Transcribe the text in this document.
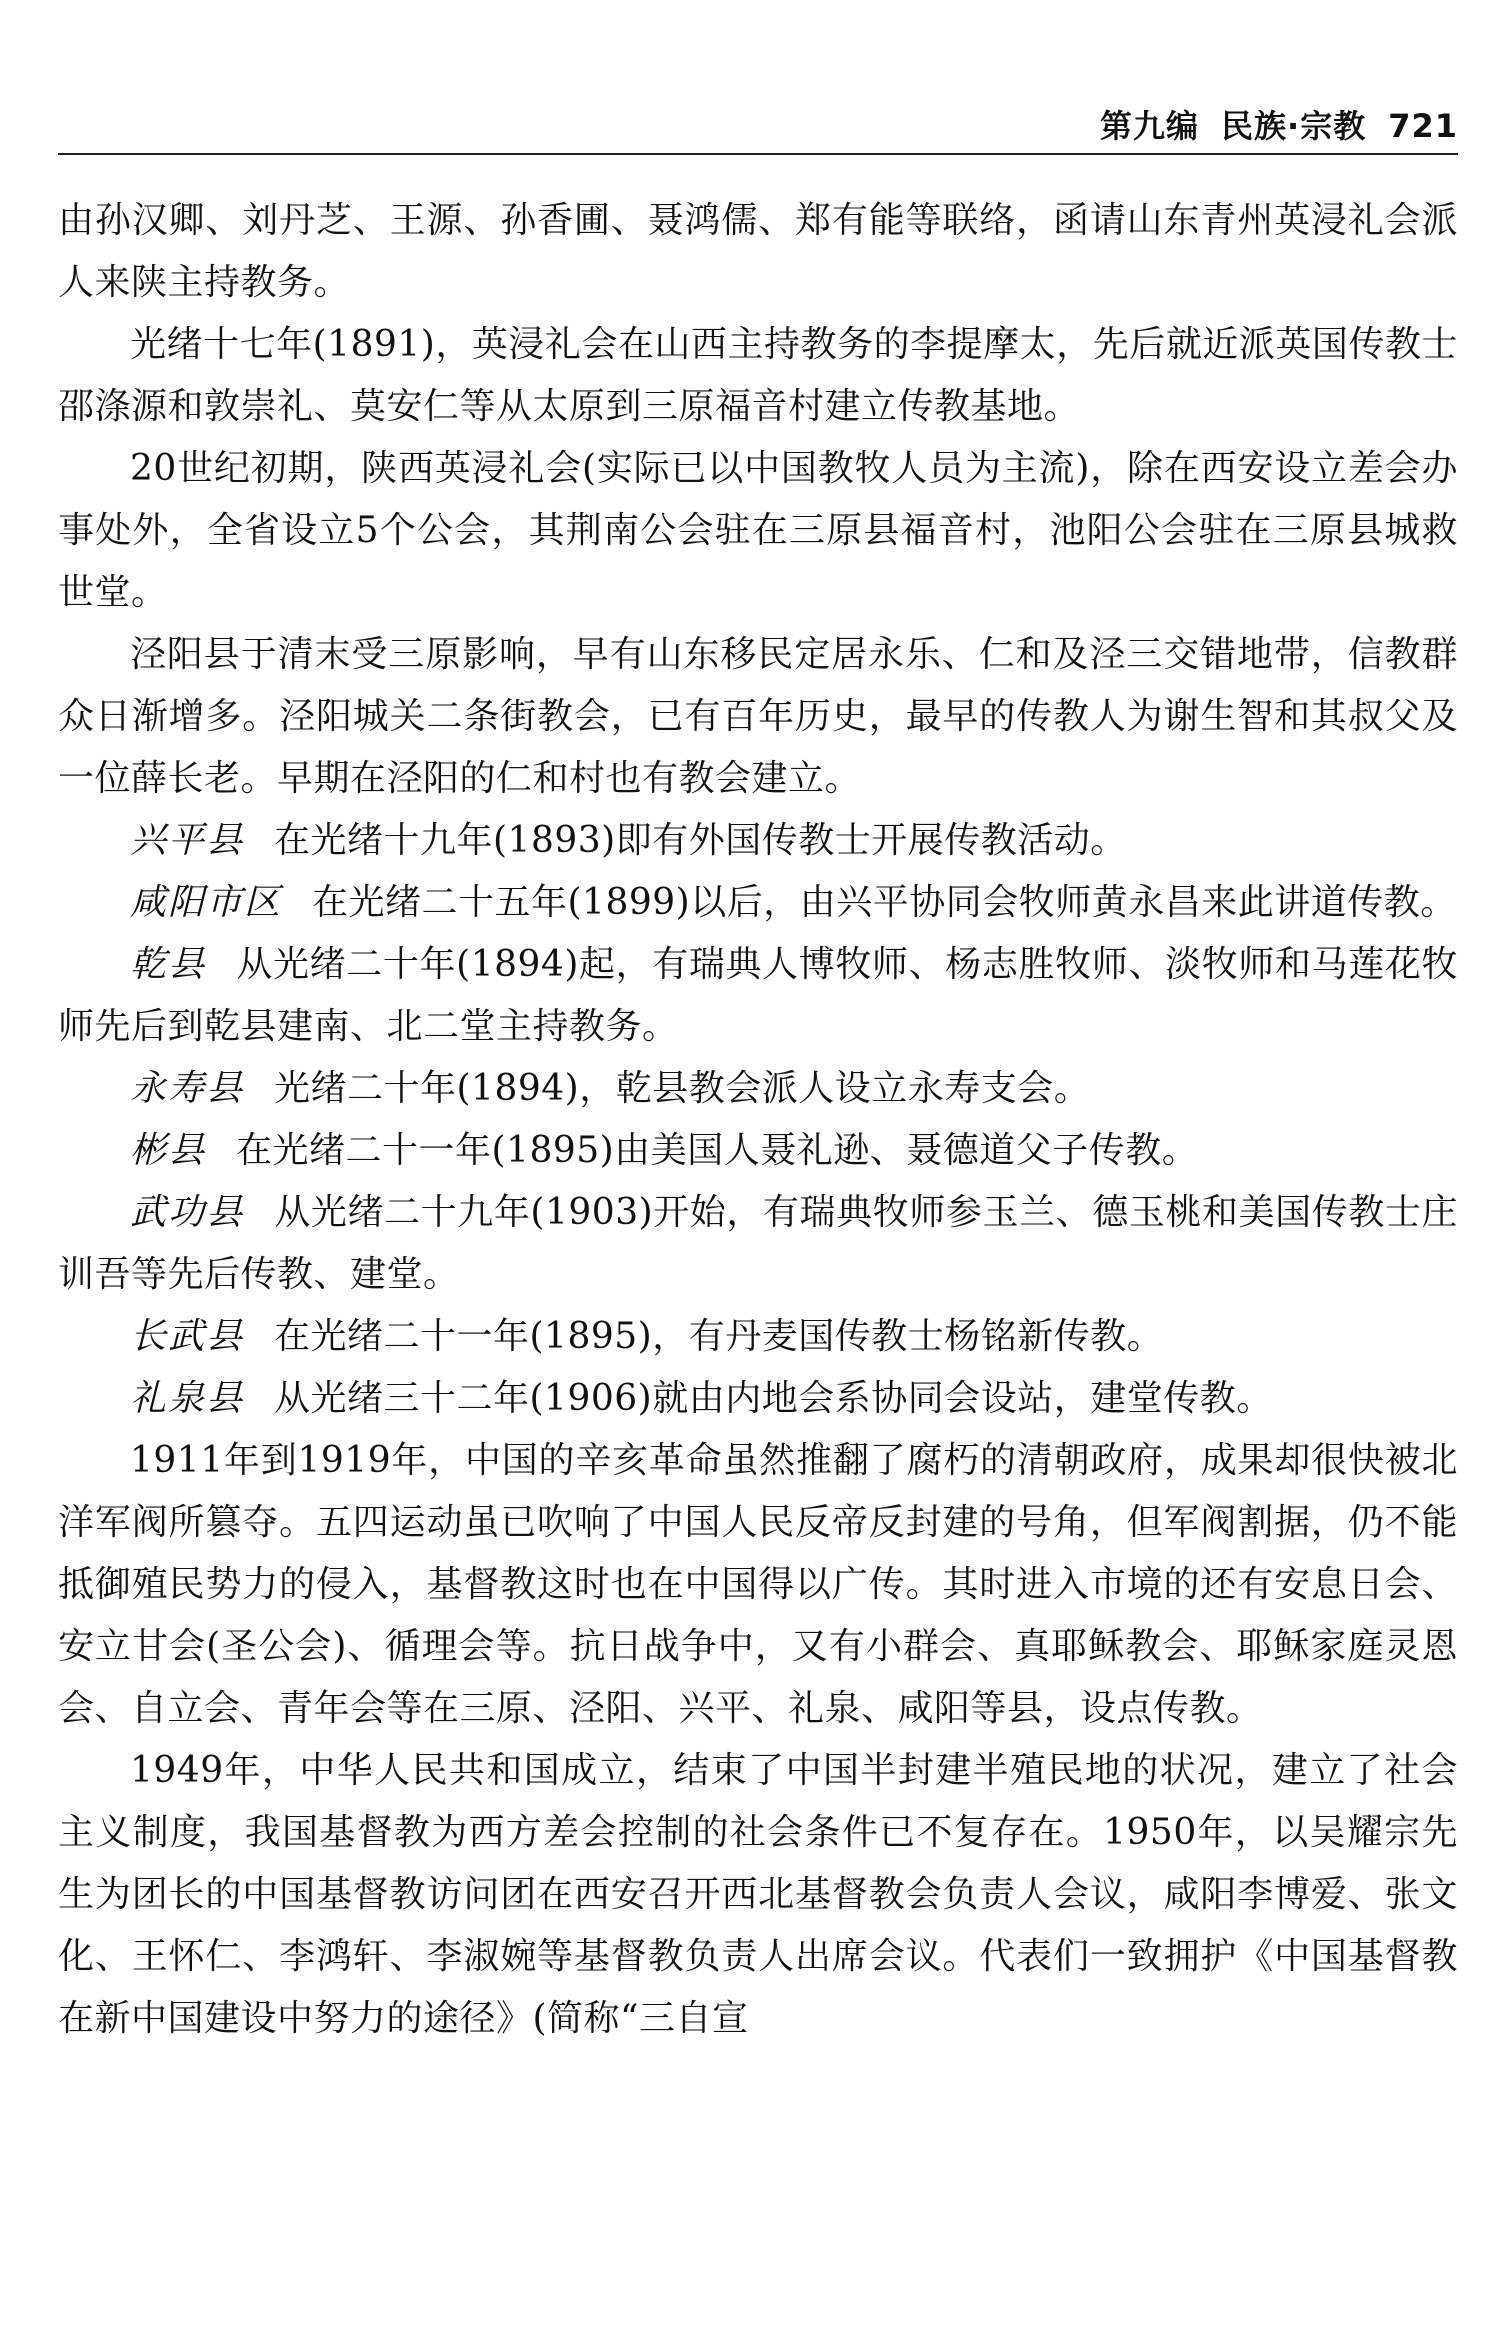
第九编 民族·宗教 721

由孙汉卿、刘丹芝、王源、孙香圃、聂鸿儒、郑有能等联络，函请山东青州英浸礼会派人来陕主持教务。

光绪十七年(1891)，英浸礼会在山西主持教务的李提摩太，先后就近派英国传教士邵涤源和敦崇礼、莫安仁等从太原到三原福音村建立传教基地。

20世纪初期，陕西英浸礼会(实际已以中国教牧人员为主流)，除在西安设立差会办事处外，全省设立5个公会，其荆南公会驻在三原县福音村，池阳公会驻在三原县城救世堂。

泾阳县于清末受三原影响，早有山东移民定居永乐、仁和及泾三交错地带，信教群众日渐增多。泾阳城关二条街教会，已有百年历史，最早的传教人为谢生智和其叔父及一位薛长老。早期在泾阳的仁和村也有教会建立。

兴平县 在光绪十九年(1893)即有外国传教士开展传教活动。

咸阳市区 在光绪二十五年(1899)以后，由兴平协同会牧师黄永昌来此讲道传教。

乾县 从光绪二十年(1894)起，有瑞典人博牧师、杨志胜牧师、淡牧师和马莲花牧师先后到乾县建南、北二堂主持教务。

永寿县 光绪二十年(1894)，乾县教会派人设立永寿支会。

彬县 在光绪二十一年(1895)由美国人聂礼逊、聂德道父子传教。

武功县 从光绪二十九年(1903)开始，有瑞典牧师参玉兰、德玉桃和美国传教士庄训吾等先后传教、建堂。

长武县 在光绪二十一年(1895)，有丹麦国传教士杨铭新传教。

礼泉县 从光绪三十二年(1906)就由内地会系协同会设站，建堂传教。

1911年到1919年，中国的辛亥革命虽然推翻了腐朽的清朝政府，成果却很快被北洋军阀所篡夺。五四运动虽已吹响了中国人民反帝反封建的号角，但军阀割据，仍不能抵御殖民势力的侵入，基督教这时也在中国得以广传。其时进入市境的还有安息日会、安立甘会(圣公会)、循理会等。抗日战争中，又有小群会、真耶稣教会、耶稣家庭灵恩会、自立会、青年会等在三原、泾阳、兴平、礼泉、咸阳等县，设点传教。

1949年，中华人民共和国成立，结束了中国半封建半殖民地的状况，建立了社会主义制度，我国基督教为西方差会控制的社会条件已不复存在。1950年，以吴耀宗先生为团长的中国基督教访问团在西安召开西北基督教会负责人会议，咸阳李博爱、张文化、王怀仁、李鸿轩、李淑婉等基督教负责人出席会议。代表们一致拥护《中国基督教在新中国建设中努力的途径》(简称“三自宣
